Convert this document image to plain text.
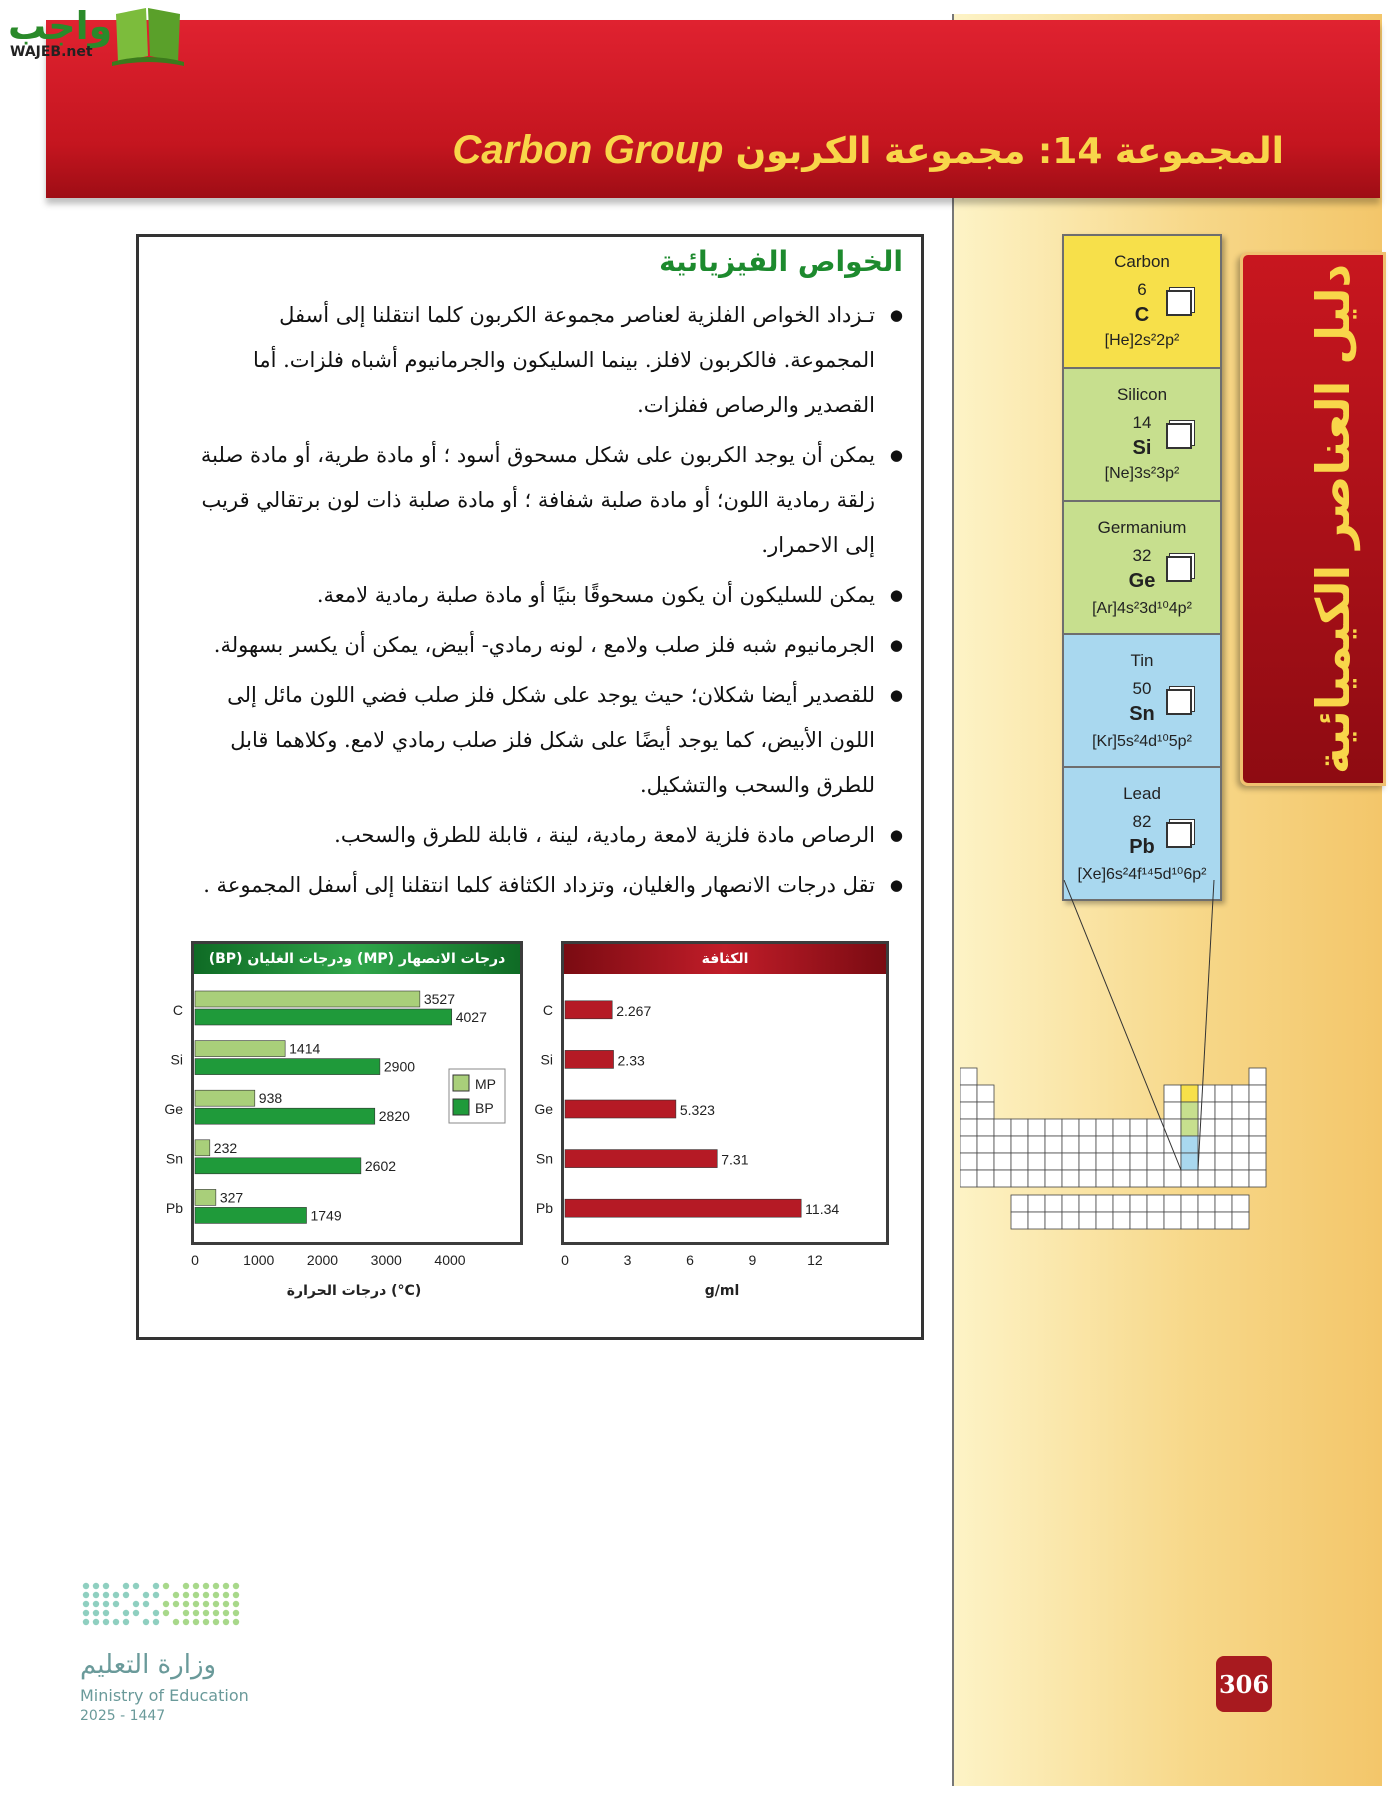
المجموعة 14: مجموعة الكربونCarbon Group
واجب
WAJEB.net
دليل العناصر الكيميائية
Carbon
6
C
[He]2s²2p²
Silicon
14
Si
[Ne]3s²3p²
Germanium
32
Ge
[Ar]4s²3d¹⁰4p²
Tin
50
Sn
[Kr]5s²4d¹⁰5p²
Lead
82
Pb
[Xe]6s²4f¹⁴5d¹⁰6p²
الخواص الفيزيائية
● تـزداد الخواص الفلزية لعناصر مجموعة الكربون كلما انتقلنا إلى أسفل المجموعة. فالكربون لافلز. بينما السليكون والجرمانيوم أشباه فلزات. أما القصدير والرصاص ففلزات.
● يمكن أن يوجد الكربون على شكل مسحوق أسود ؛ أو مادة طرية، أو مادة صلبة زلقة رمادية اللون؛ أو مادة صلبة شفافة ؛ أو مادة صلبة ذات لون برتقالي قريب إلى الاحمرار.
● يمكن للسليكون أن يكون مسحوقًا بنيًا أو مادة صلبة رمادية لامعة.
● الجرمانيوم شبه فلز صلب ولامع ، لونه رمادي- أبيض، يمكن أن يكسر بسهولة.
● للقصدير أيضا شكلان؛ حيث يوجد على شكل فلز صلب فضي اللون مائل إلى اللون الأبيض، كما يوجد أيضًا على شكل فلز صلب رمادي لامع. وكلاهما قابل للطرق والسحب والتشكيل.
● الرصاص مادة فلزية لامعة رمادية، لينة ، قابلة للطرق والسحب.
● تقل درجات الانصهار والغليان، وتزداد الكثافة كلما انتقلنا إلى أسفل المجموعة .
درجات الانصهار (MP) ودرجات الغليان (BP)	الكثافة
C
3527
4027
Si
1414
2900
Ge
938
2820
Sn
232
2602
Pb
327
1749
0	1000 2000 3000 4000
درجات الحرارة (°C)
MP
BP
C	2.267
Si	2.33
Ge	5.323
Sn	7.31
Pb	11.34
0	3	6	9	12
g/ml
وزارة التعليم
Ministry of Education
2025 - 1447
306
